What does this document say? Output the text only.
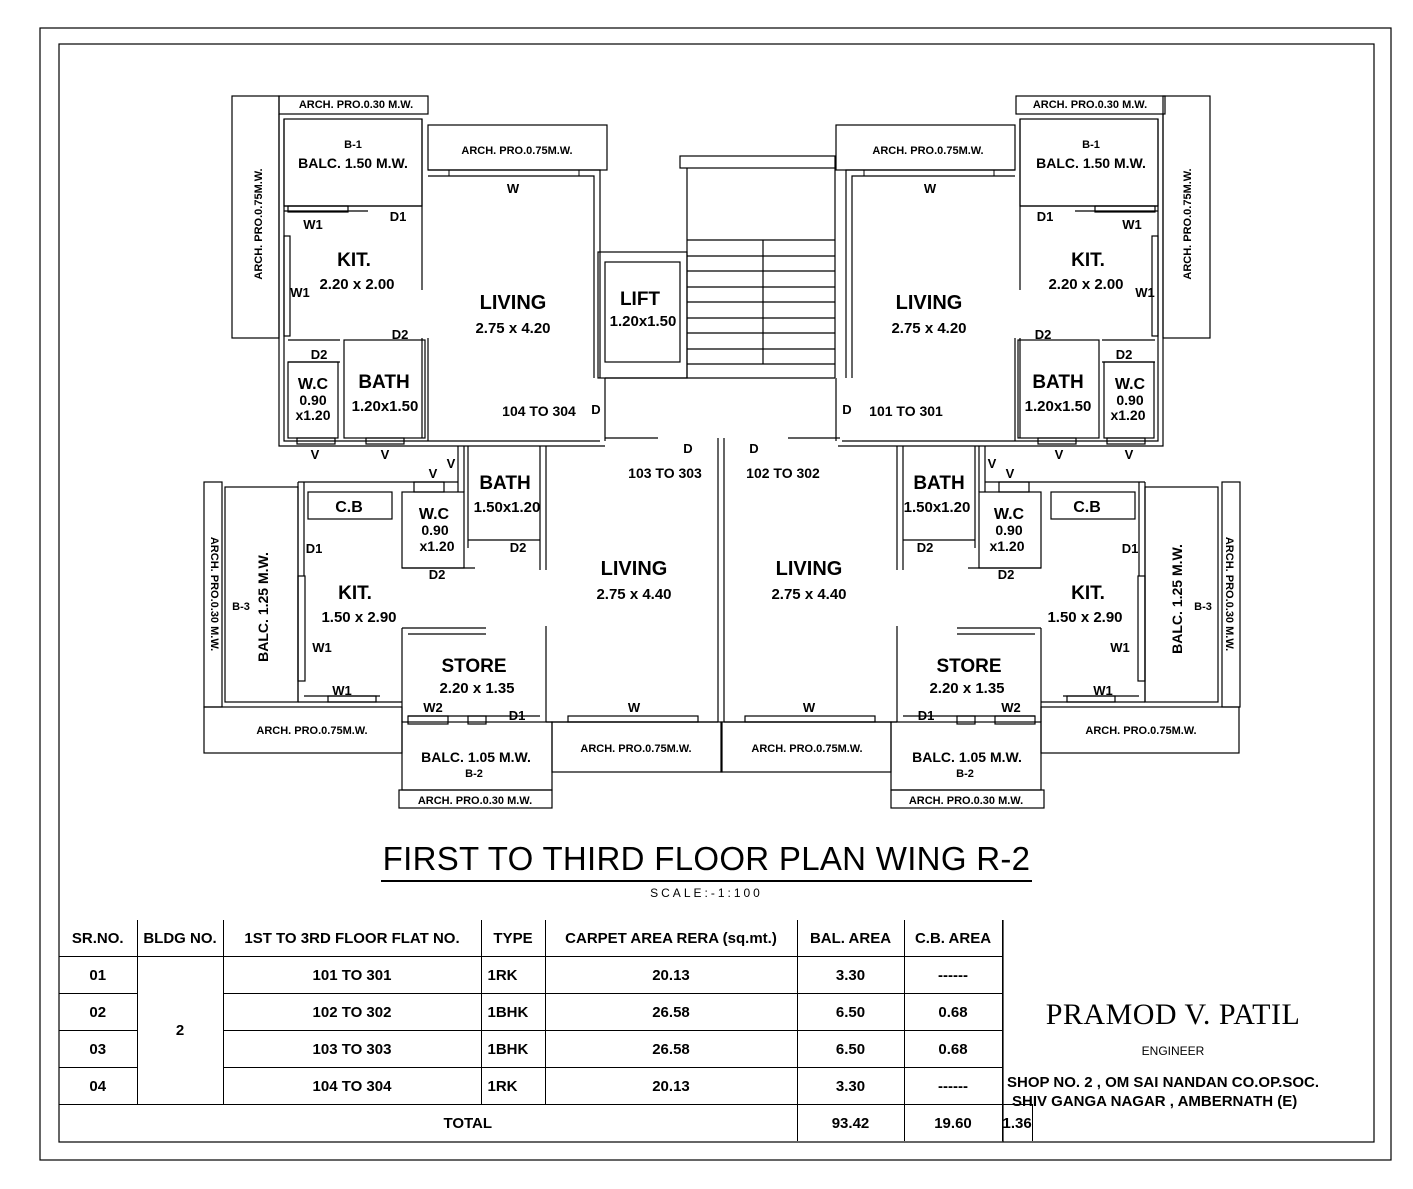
ARCH. PRO.0.30 M.W.
ARCH. PRO.0.75M.W.
ARCH. PRO.0.75M.W.
B-1
BALC. 1.50 M.W.
W
W1
D1
KIT.
2.20 x 2.00
W1	LIVING
2.75 x 4.20
D2
D2
BATH
1.20x1.50
W.C
0.90
x1.20	104 TO 304 D
V	V
LIFT
1.20x1.50
ARCH. PRO.0.30 M.W.
ARCH. PRO.0.75M.W.
ARCH. PRO.0.75M.W.
B-1
BALC. 1.50 M.W.
W
D1
W1
KIT.
2.20 x 2.00 W1
LIVING
2.75 x 4.20	D2
D2
BATH
1.20x1.50
W.C
0.90
x1.20
D 101 TO 301
V	V
D	D
103 TO 303	102 TO 302
ARCH. PRO.0.30 M.W. B-3 BALC. 1.25 M.W.
V
V
BATH
1.50x1.20
C.B	W.C
0.90
x1.20	D2
D1
D2	LIVING
2.75 x 4.40
KIT.
1.50 x 2.90
W1
STORE
2.20 x 1.35
W1
W2
D1
W
ARCH. PRO.0.75M.W.
ARCH. PRO.0.75M.W.
BALC. 1.05 M.W.
B-2
ARCH. PRO.0.30 M.W.
ARCH. PRO.0.30 M.W.
B-3
BALC. 1.25 M.W.
V
V
BATH
1.50x1.20	C.B
W.C
0.90
x1.20
D2	D1
D2
LIVING
2.75 x 4.40	KIT.
1.50 x 2.90
W1
STORE
2.20 x 1.35	W1
W2
D1
W
ARCH. PRO.0.75M.W.
ARCH. PRO.0.75M.W.	BALC. 1.05 M.W.
B-2
ARCH. PRO.0.30 M.W.
FIRST TO THIRD FLOOR PLAN WING R-2
SCALE:-1:100
SR.NO.	BLDG NO.	1ST TO 3RD FLOOR FLAT NO.	TYPE	CARPET AREA RERA (sq.mt.)	BAL. AREA	C.B. AREA	
01	2	101 TO 301	1RK	20.13	3.30	------	
02		102 TO 302	1BHK	26.58	6.50	0.68	
03		103 TO 303	1BHK	26.58	6.50	0.68	
04		104 TO 304	1RK	20.13	3.30	------	
TOTAL					93.42	19.60	1.36
PRAMOD V. PATIL
ENGINEER
SHOP NO. 2 , OM SAI NANDAN CO.OP.SOC.
SHIV GANGA NAGAR , AMBERNATH (E)
